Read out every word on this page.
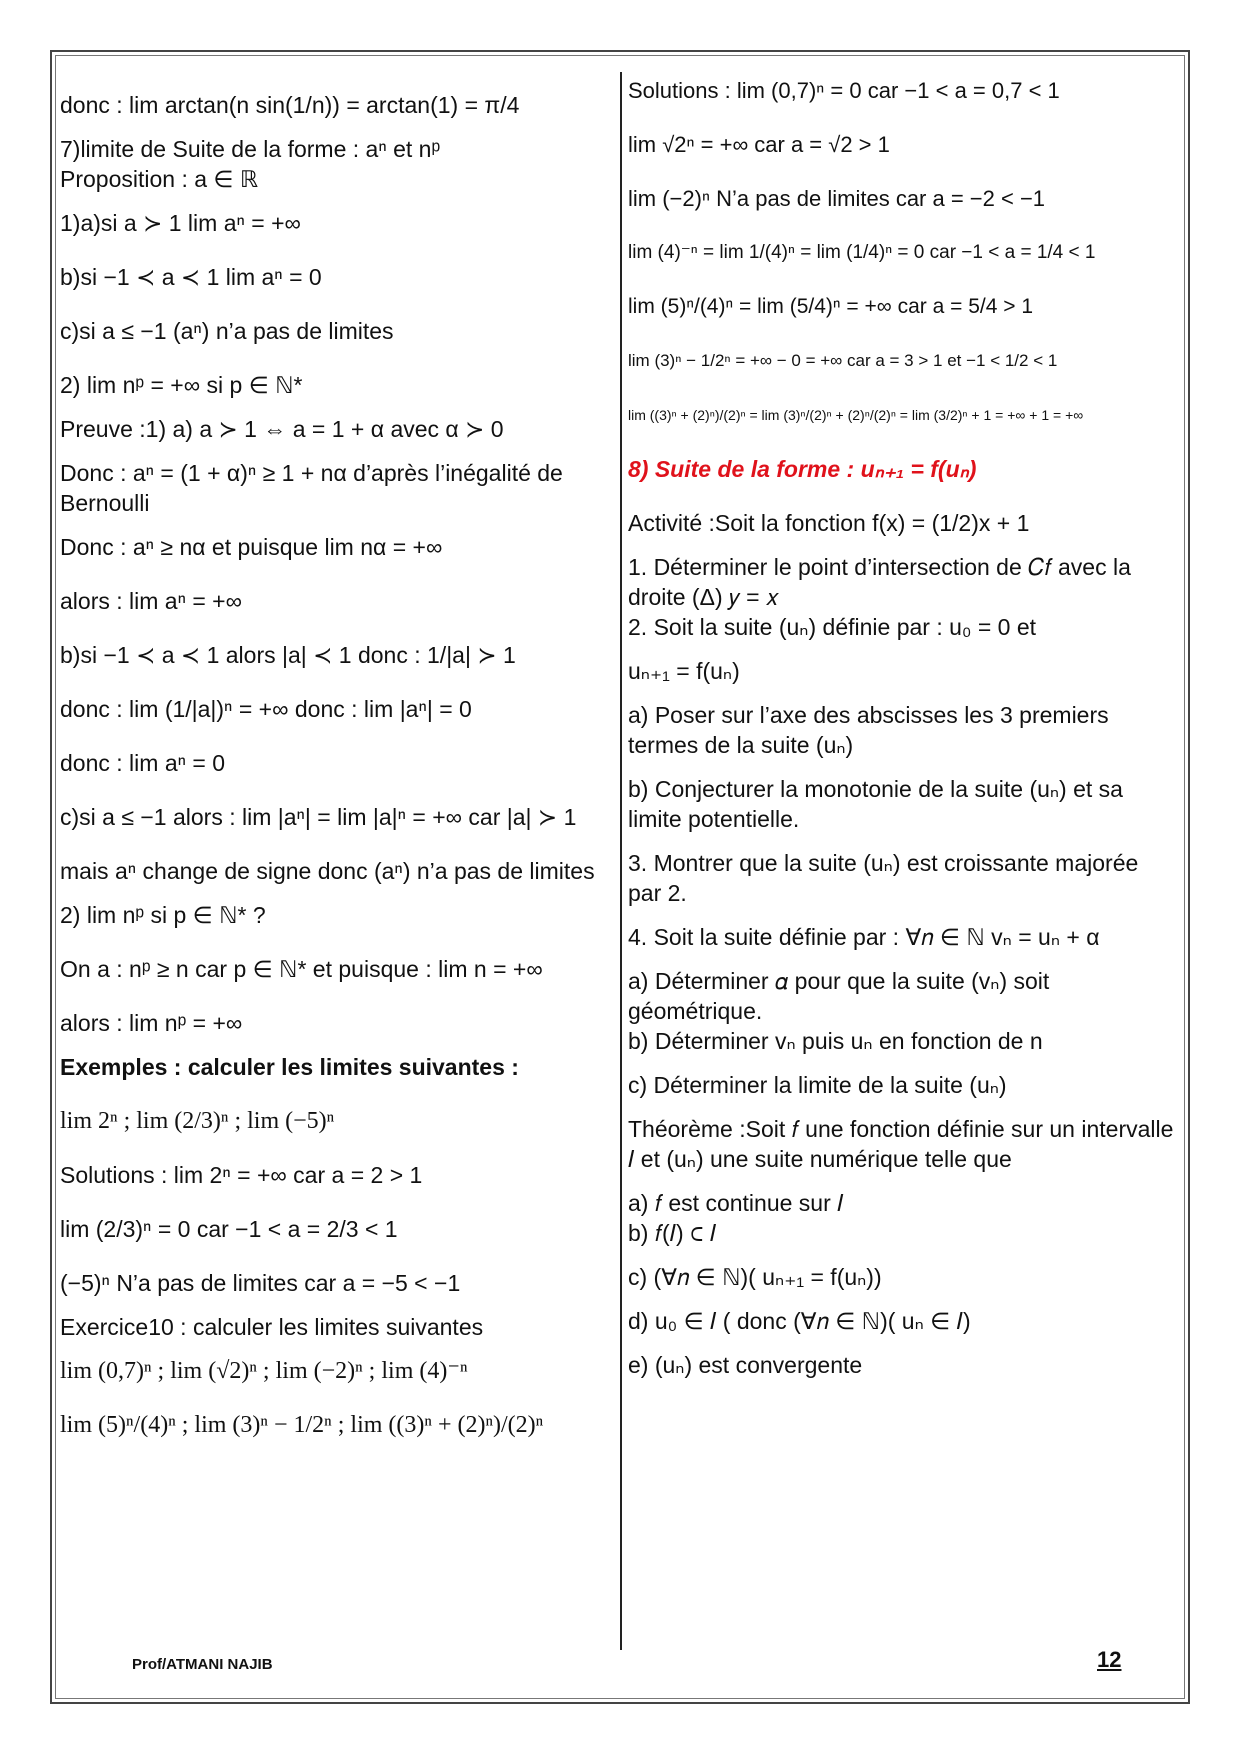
donc : lim arctan(n sin(1/n)) = arctan(1) = π/4
7)limite de Suite de la forme : aⁿ et nᵖ
Proposition : a ∈ ℝ
1)a)si a ≻ 1 lim aⁿ = +∞
b)si −1 ≺ a ≺ 1 lim aⁿ = 0
c)si a ≤ −1 (aⁿ) n’a pas de limites
2) lim nᵖ = +∞ si p ∈ ℕ*
Preuve :1) a) a ≻ 1 ⇔ a = 1 + α avec α ≻ 0
Donc : aⁿ = (1 + α)ⁿ ≥ 1 + nα d’après l’inégalité de Bernoulli
Donc : aⁿ ≥ nα et puisque lim nα = +∞
alors : lim aⁿ = +∞
b)si −1 ≺ a ≺ 1 alors |a| ≺ 1 donc : 1/|a| ≻ 1
donc : lim (1/|a|)ⁿ = +∞ donc : lim |aⁿ| = 0
donc : lim aⁿ = 0
c)si a ≤ −1 alors : lim |aⁿ| = lim |a|ⁿ = +∞ car |a| ≻ 1
mais aⁿ change de signe donc (aⁿ) n’a pas de limites
2) lim nᵖ si p ∈ ℕ* ?
On a : nᵖ ≥ n car p ∈ ℕ* et puisque : lim n = +∞
alors : lim nᵖ = +∞
Exemples : calculer les limites suivantes :
lim 2ⁿ ; lim (2/3)ⁿ ; lim (−5)ⁿ
Solutions : lim 2ⁿ = +∞ car a = 2 > 1
lim (2/3)ⁿ = 0 car −1 < a = 2/3 < 1
(−5)ⁿ N’a pas de limites car a = −5 < −1
Exercice10 : calculer les limites suivantes
lim (0,7)ⁿ ; lim (√2)ⁿ ; lim (−2)ⁿ ; lim (4)⁻ⁿ
lim (5)ⁿ/(4)ⁿ ; lim (3)ⁿ − 1/2ⁿ ; lim ((3)ⁿ + (2)ⁿ)/(2)ⁿ
Solutions : lim (0,7)ⁿ = 0 car −1 < a = 0,7 < 1
lim √2ⁿ = +∞ car a = √2 > 1
lim (−2)ⁿ N’a pas de limites car a = −2 < −1
lim (4)⁻ⁿ = lim 1/(4)ⁿ = lim (1/4)ⁿ = 0 car −1 < a = 1/4 < 1
lim (5)ⁿ/(4)ⁿ = lim (5/4)ⁿ = +∞ car a = 5/4 > 1
lim (3)ⁿ − 1/2ⁿ = +∞ − 0 = +∞ car a = 3 > 1 et −1 < 1/2 < 1
lim ((3)ⁿ + (2)ⁿ)/(2)ⁿ = lim (3)ⁿ/(2)ⁿ + (2)ⁿ/(2)ⁿ = lim (3/2)ⁿ + 1 = +∞ + 1 = +∞
8) Suite de la forme : uₙ₊₁ = f(uₙ)
Activité :Soit la fonction f(x) = (1/2)x + 1
1. Déterminer le point d’intersection de 𝐶𝑓 avec la droite (Δ) 𝑦 = 𝑥
2. Soit la suite (uₙ) définie par : u₀ = 0 et
uₙ₊₁ = f(uₙ)
a) Poser sur l’axe des abscisses les 3 premiers termes de la suite (uₙ)
b) Conjecturer la monotonie de la suite (uₙ) et sa limite potentielle.
3. Montrer que la suite (uₙ) est croissante majorée par 2.
4. Soit la suite définie par : ∀𝑛 ∈ ℕ vₙ = uₙ + α
a) Déterminer 𝛼 pour que la suite (vₙ) soit géométrique.
b) Déterminer vₙ puis uₙ en fonction de n
c) Déterminer la limite de la suite (uₙ)
Théorème :Soit 𝑓 une fonction définie sur un intervalle 𝐼 et (uₙ) une suite numérique telle que
a) 𝑓 est continue sur 𝐼
b) 𝑓(𝐼) ⊂ 𝐼
c) (∀𝑛 ∈ ℕ)( uₙ₊₁ = f(uₙ))
d) u₀ ∈ 𝐼 ( donc (∀𝑛 ∈ ℕ)( uₙ ∈ 𝐼)
e) (uₙ) est convergente
Prof/ATMANI NAJIB	12
